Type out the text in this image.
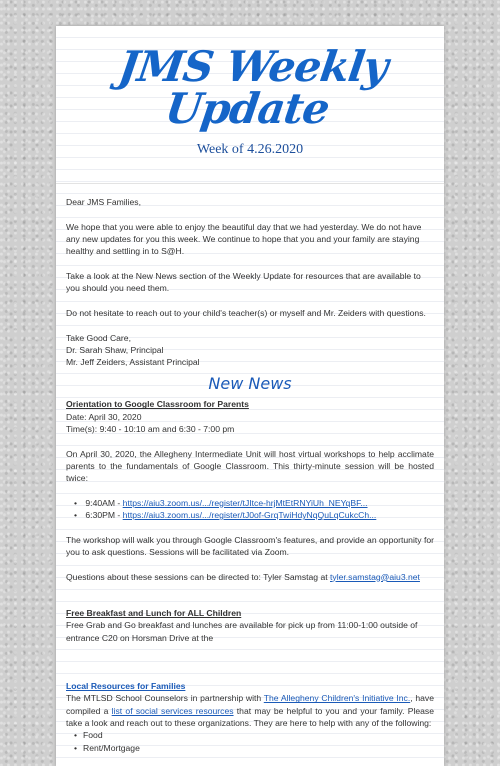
JMS Weekly
Update
Week of 4.26.2020

Dear JMS Families,

We hope that you were able to enjoy the beautiful day that we had yesterday. We do not have any new updates for you this week. We continue to hope that you and your family are staying healthy and settling in to S@H.

Take a look at the New News section of the Weekly Update for resources that are available to you should you need them.

Do not hesitate to reach out to your child's teacher(s) or myself and Mr. Zeiders with questions.

Take Good Care,

Dr. Sarah Shaw, Principal

Mr. Jeff Zeiders, Assistant Principal

New News

Orientation to Google Classroom for Parents

Date: April 30, 2020

Time(s): 9:40 - 10:10 am and 6:30 - 7:00 pm

On April 30, 2020, the Allegheny Intermediate Unit will host virtual workshops to help acclimate parents to the fundamentals of Google Classroom. This thirty-minute session will be hosted twice:

• 9:40AM - https://aiu3.zoom.us/.../register/tJItce-hrjMtEtRNYiUh_NEYqBF...
• 6:30PM - https://aiu3.zoom.us/.../register/tJ0of-GrqTwiHdyNqQuLqCukcCh...

The workshop will walk you through Google Classroom's features, and provide an opportunity for you to ask questions. Sessions will be facilitated via Zoom.

Questions about these sessions can be directed to: Tyler Samstag at tyler.samstag@aiu3.net

Free Breakfast and Lunch for ALL Children

Free Grab and Go breakfast and lunches are available for pick up from 11:00-1:00 outside of entrance C20 on Horsman Drive at the

Local Resources for Families

The MTLSD School Counselors in partnership with The Allegheny Children's Initiative Inc., have compiled a list of social services resources that may be helpful to you and your family. Please take a look and reach out to these organizations. They are here to help with any of the following:

• Food
• Rent/Mortgage
